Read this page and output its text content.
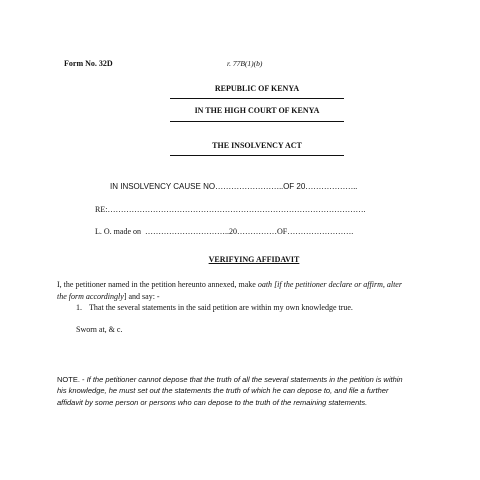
Form No. 32D	r. 77B(1)(b)
REPUBLIC OF KENYA
IN THE HIGH COURT OF KENYA
THE INSOLVENCY ACT
IN INSOLVENCY CAUSE NO……………………..OF 20………………..
RE:…………………………………………………………………………………….
L. O. made on …………………………..20……………OF…………………….
VERIFYING AFFIDAVIT
I, the petitioner named in the petition hereunto annexed, make oath [if the petitioner declare or affirm, alter
the form accordingly] and say: -
1. That the several statements in the said petition are within my own knowledge true.
Sworn at, & c.
NOTE. - If the petitioner cannot depose that the truth of all the several statements in the petition is within
his knowledge, he must set out the statements the truth of which he can depose to, and file a further
affidavit by some person or persons who can depose to the truth of the remaining statements.
